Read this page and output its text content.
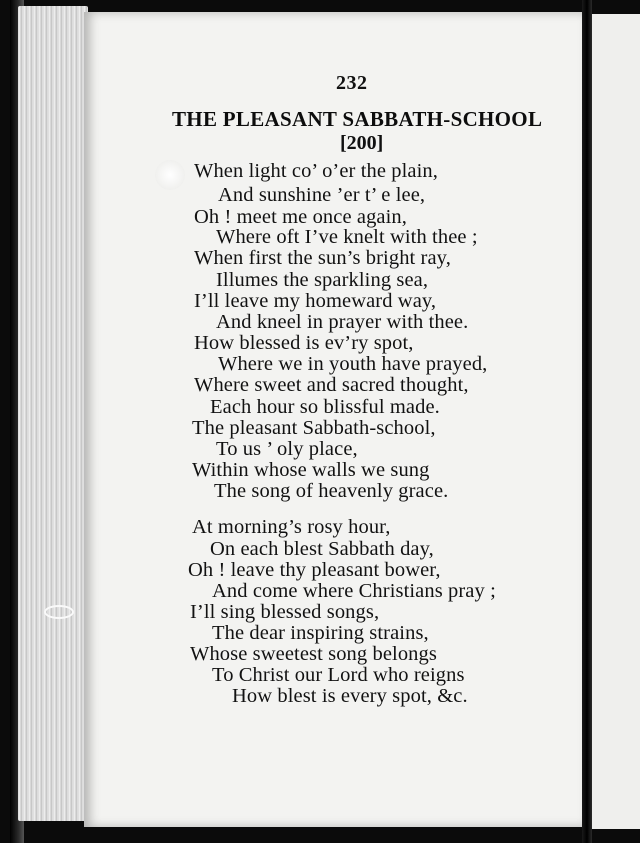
232
THE PLEASANT SABBATH-SCHOOL
[200]
When light co’ o’er the plain,
And sunshine ’er t’ e lee,
Oh ! meet me once again,
Where oft I’ve knelt with thee ;
When first the sun’s bright ray,
Illumes the sparkling sea,
I’ll leave my homeward way,
And kneel in prayer with thee.
How blessed is ev’ry spot,
Where we in youth have prayed,
Where sweet and sacred thought,
Each hour so blissful made.
The pleasant Sabbath-school,
To us ’ oly place,
Within whose walls we sung
The song of heavenly grace.
At morning’s rosy hour,
On each blest Sabbath day,
Oh ! leave thy pleasant bower,
And come where Christians pray ;
I’ll sing blessed songs,
The dear inspiring strains,
Whose sweetest song belongs
To Christ our Lord who reigns
How blest is every spot, &c.
